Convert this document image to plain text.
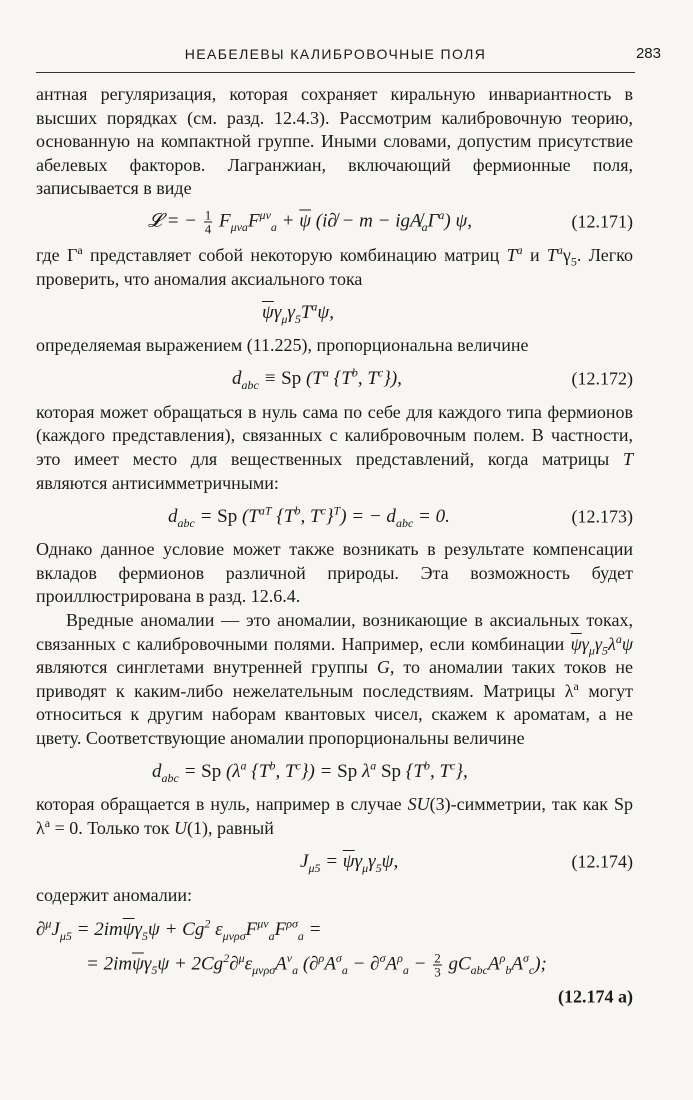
НЕАБЕЛЕВЫ КАЛИБРОВОЧНЫЕ ПОЛЯ	283

антная регуляризация, которая сохраняет киральную инвариантность в высших порядках (см. разд. 12.4.3). Рассмотрим калибровочную теорию, основанную на компактной группе. Иными словами, допустим присутствие абелевых факторов. Лагранжиан, включающий фермионные поля, записывается в виде

𝓛 = − $\frac{1}{4} F_{\mu\nu a}F^{\mu\nu}_a + \overline{\psi}$ (i∂̸ − $m - igA̸_a\Gamma^a$) ψ,	(12.171)

где $\Gamma^a$ представляет собой некоторую комбинацию матриц $T^a$ и $T^a\gamma_5$. Легко проверить, что аномалия аксиального тока

$\overline{\psi}\gamma_\mu\gamma_5T^a\psi$,

определяемая выражением (11.225), пропорциональна величине

$d_{abc} \equiv Sp$ ($T^a$ {$T^b$, $T^c$}),	(12.172)

которая может обращаться в нуль сама по себе для каждого типа фермионов (каждого представления), связанных с калибровочным полем. В частности, это имеет место для вещественных представлений, когда матрицы T являются антисимметричными:

$d_{abc} = Sp$ ($T^{aT}$ {$T^b$, $T^c\}^T$) = − $d_{abc} = 0$.	(12.173)

Однако данное условие может также возникать в результате компенсации вкладов фермионов различной природы. Эта возможность будет проиллюстрирована в разд. 12.6.4.

Вредные аномалии — это аномалии, возникающие в аксиальных токах, связанных с калибровочными полями. Например, если комбинации $\overline{\psi}\gamma_\mu\gamma_5\lambda^a\psi$ являются синглетами внутренней группы G, то аномалии таких токов не приводят к каким-либо нежелательным последствиям. Матрицы $\lambda^a$ могут относиться к другим наборам квантовых чисел, скажем к ароматам, а не цвету. Соответствующие аномалии пропорциональны величине

$d_{abc} = Sp$ ($\lambda^a$ {$T^b$, $T^c\}) = Sp$ $\lambda^a$ Sp {$T^b$, $T^c$},

которая обращается в нуль, например в случае SU(3)-симметрии, так как Sp $\lambda^a = 0$. Только ток U(1), равный

$J_{\mu 5} = \overline{\psi}\gamma_\mu\gamma_5\psi$,	(12.174)

содержит аномалии:

$\partial^\mu J_{\mu 5} = 2im\overline{\psi}\gamma_5\psi + Cg^2$ $\varepsilon_{\mu\nu\rho\sigma}F^{\mu\nu}_aF^{\rho\sigma}_a$ =
= $2im\overline{\psi}\gamma_5\psi + 2Cg^2\partial^\mu\varepsilon_{\mu\nu\rho\sigma}A^\nu_a$ $(\partial^\rho A^\sigma_a - \partial^\sigma A^\rho_a - \frac{2}{3} gC_{abc}A^\rho_bA^\sigma_c)$;
(12.174 а)
